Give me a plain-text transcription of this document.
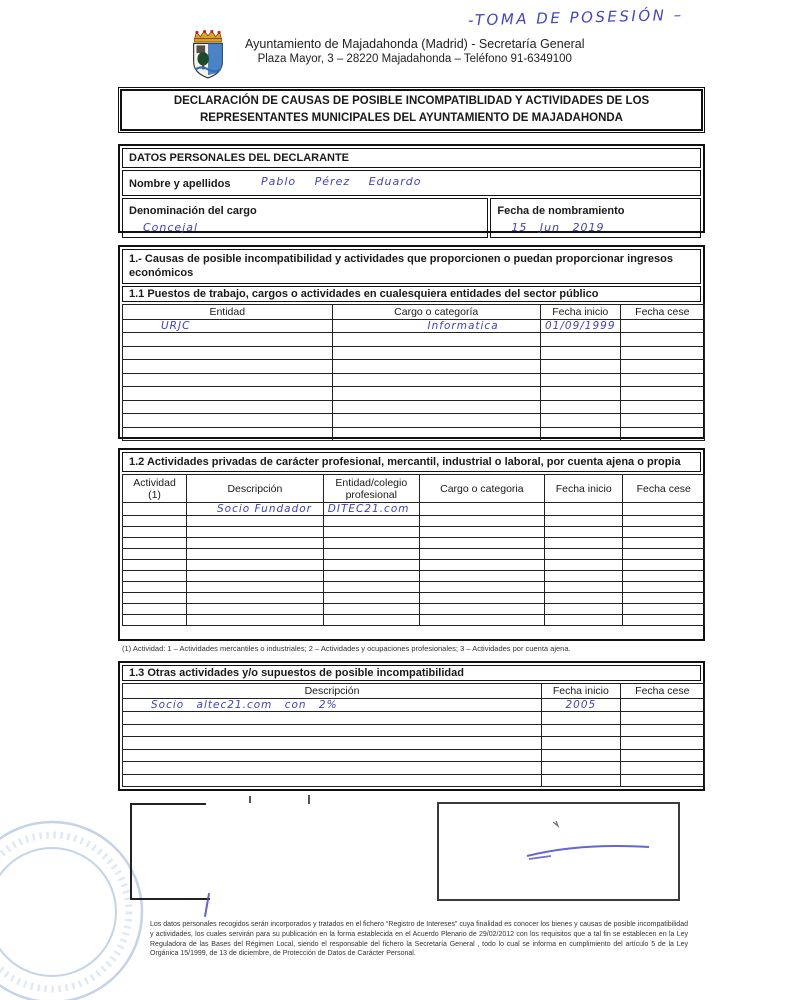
-TOMA DE POSESIÓN –
Ayuntamiento de Majadahonda (Madrid) - Secretaría General
Plaza Mayor, 3 – 28220 Majadahonda – Teléfono 91-6349100
DECLARACIÓN DE CAUSAS DE POSIBLE INCOMPATIBLIDAD Y ACTIVIDADES DE LOS
REPRESENTANTES MUNICIPALES DEL AYUNTAMIENTO DE MAJADAHONDA
DATOS PERSONALES DEL DECLARANTE
Nombre y apellidos	Pablo Pérez Eduardo
Denominación del cargo
Concejal
Fecha de nombramiento
15 Jun 2019
1.- Causas de posible incompatibilidad y actividades que proporcionen o puedan proporcionar ingresos económicos
1.1 Puestos de trabajo, cargos o actividades en cualesquiera entidades del sector público
Entidad	Cargo o categoría	Fecha inicio	Fecha cese
URJC	Informatica	01/09/1999	

1.2 Actividades privadas de carácter profesional, mercantil, industrial o laboral, por cuenta ajena o propia
Actividad (1)	Descripción	Entidad/colegio profesional	Cargo o categoria	Fecha inicio	Fecha cese
	Socio Fundador	DITEC21.com			

(1) Actividad: 1 – Actividades mercantiles o industriales; 2 – Actividades y ocupaciones profesionales; 3 – Actividades por cuenta ajena.
1.3 Otras actividades y/o supuestos de posible incompatibilidad
Descripción	Fecha inicio	Fecha cese
Socio altec21.com con 2%	2005	

Los datos personales recogidos serán incorporados y tratados en el fichero “Registro de Intereses” cuya finalidad es conocer los bienes y causas de posible incompatibilidad y actividades, los cuales servirán para su publicación en la forma establecida en el Acuerdo Plenario de 29/02/2012 con los requisitos que a tal fin se establecen en la Ley Reguladora de las Bases del Régimen Local, siendo el responsable del fichero la Secretaría General , todo lo cual se informa en cumplimiento del artículo 5 de la Ley Orgánica 15/1999, de 13 de diciembre, de Protección de Datos de Carácter Personal.
